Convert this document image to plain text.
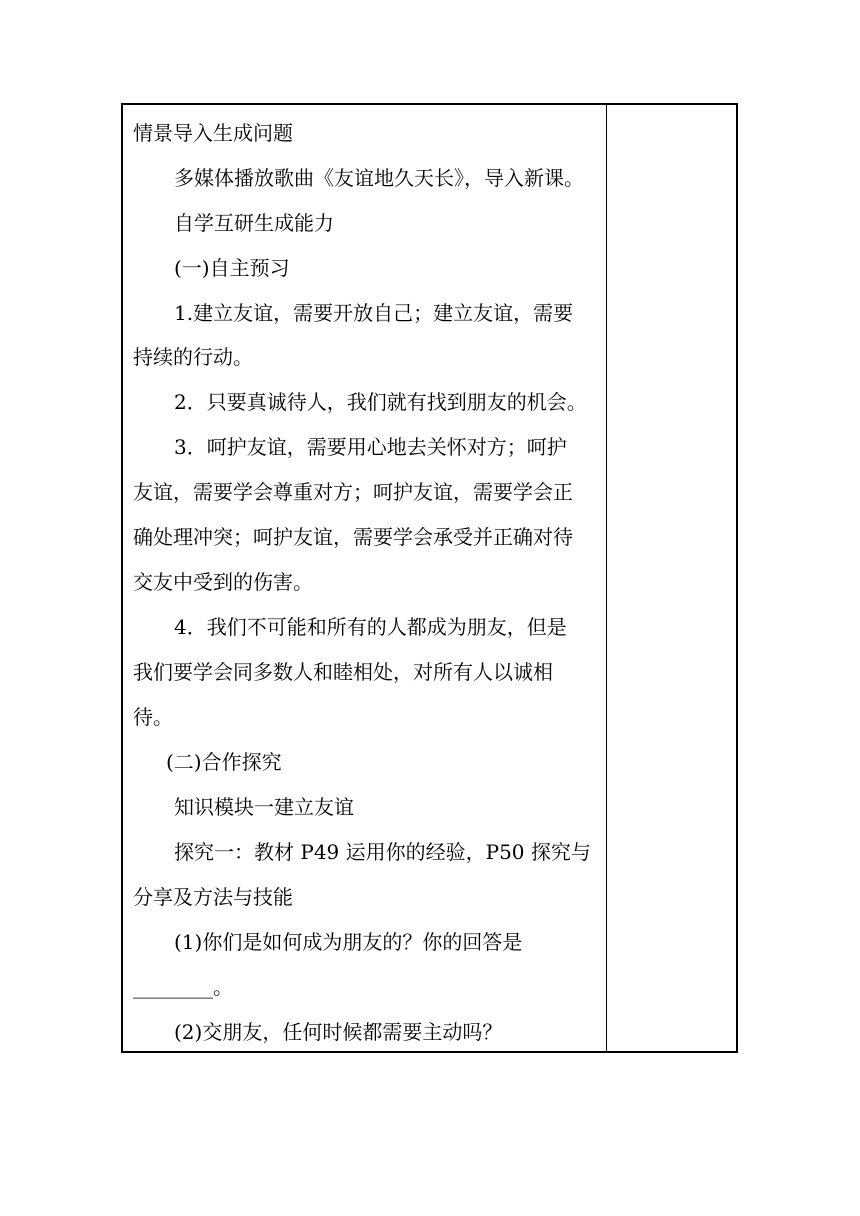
情景导入生成问题
多媒体播放歌曲《友谊地久天长》，导入新课。
自学互研生成能力
(一)自主预习
1.建立友谊，需要开放自己；建立友谊，需要
持续的行动。
2．只要真诚待人，我们就有找到朋友的机会。
3．呵护友谊，需要用心地去关怀对方；呵护
友谊，需要学会尊重对方；呵护友谊，需要学会正
确处理冲突；呵护友谊，需要学会承受并正确对待
交友中受到的伤害。
4．我们不可能和所有的人都成为朋友，但是
我们要学会同多数人和睦相处，对所有人以诚相
待。
(二)合作探究
知识模块一建立友谊
探究一：教材 P49 运用你的经验，P50 探究与
分享及方法与技能
(1)你们是如何成为朋友的？你的回答是
________。
(2)交朋友，任何时候都需要主动吗？
